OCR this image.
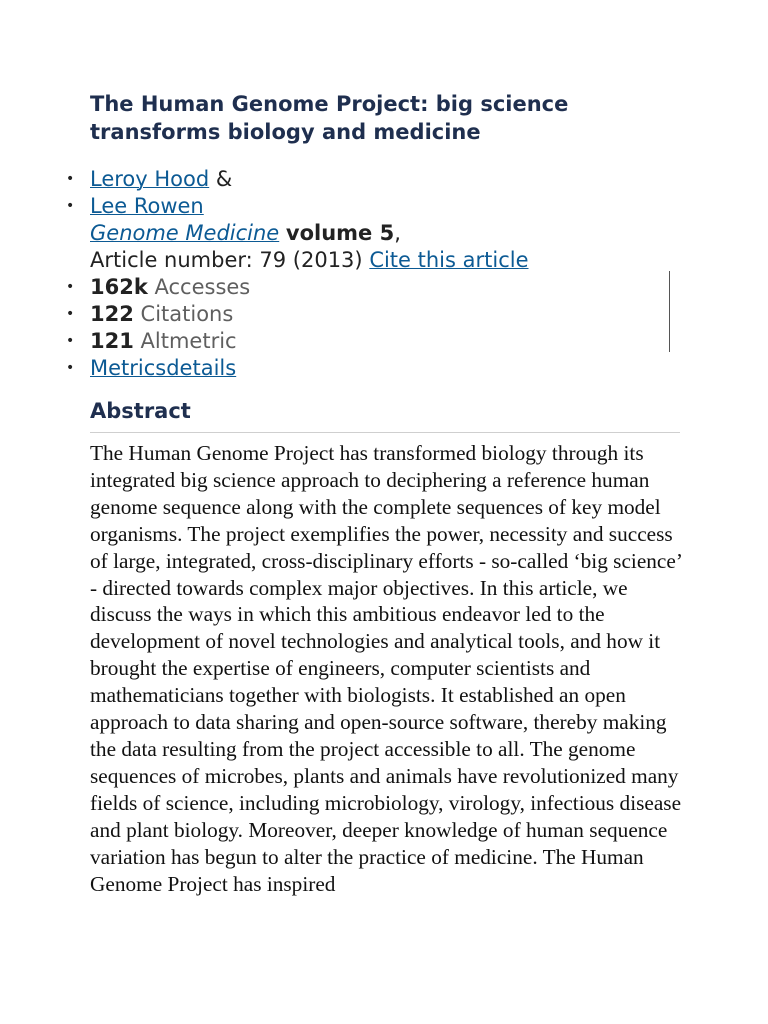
The Human Genome Project: big science transforms biology and medicine
• Leroy Hood &
• Lee Rowen
Genome Medicine volume 5,
Article number: 79 (2013) Cite this article
• 162k Accesses
• 122 Citations
• 121 Altmetric
• Metricsdetails
Abstract

The Human Genome Project has transformed biology through its integrated big science approach to deciphering a reference human genome sequence along with the complete sequences of key model organisms. The project exemplifies the power, necessity and success of large, integrated, cross-disciplinary efforts - so-called ‘big science’ - directed towards complex major objectives. In this article, we discuss the ways in which this ambitious endeavor led to the development of novel technologies and analytical tools, and how it brought the expertise of engineers, computer scientists and mathematicians together with biologists. It established an open approach to data sharing and open-source software, thereby making the data resulting from the project accessible to all. The genome sequences of microbes, plants and animals have revolutionized many fields of science, including microbiology, virology, infectious disease and plant biology. Moreover, deeper knowledge of human sequence variation has begun to alter the practice of medicine. The Human Genome Project has inspired
